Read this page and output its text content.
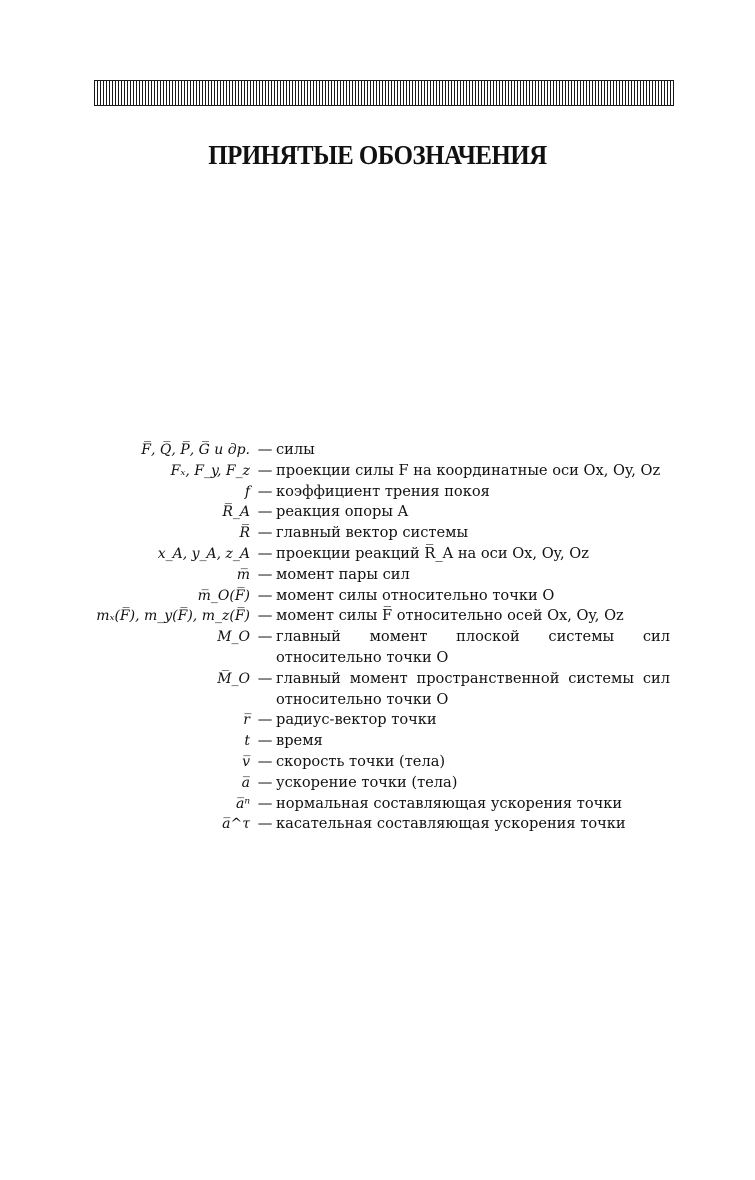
ПРИНЯТЫЕ ОБОЗНАЧЕНИЯ
F̅, Q̅, P̅, G̅ и др. — силы
Fₓ, F_y, F_z — проекции силы F на координатные оси Ox, Oy, Oz
f — коэффициент трения покоя
R̅_A — реакция опоры A
R̅ — главный вектор системы
x_A, y_A, z_A — проекции реакций R̅_A на оси Ox, Oy, Oz
m̅ — момент пары сил
m̅_O(F̅) — момент силы относительно точки O
mₓ(F̅), m_y(F̅), m_z(F̅) — момент силы F̅ относительно осей Ox, Oy, Oz
M_O — главный момент плоской системы сил относительно точки O
M̅_O — главный момент пространственной системы сил относительно точки O
r̅ — радиус-вектор точки
t — время
v̅ — скорость точки (тела)
a̅ — ускорение точки (тела)
a̅ⁿ — нормальная составляющая ускорения точки
a̅^τ — касательная составляющая ускорения точки
